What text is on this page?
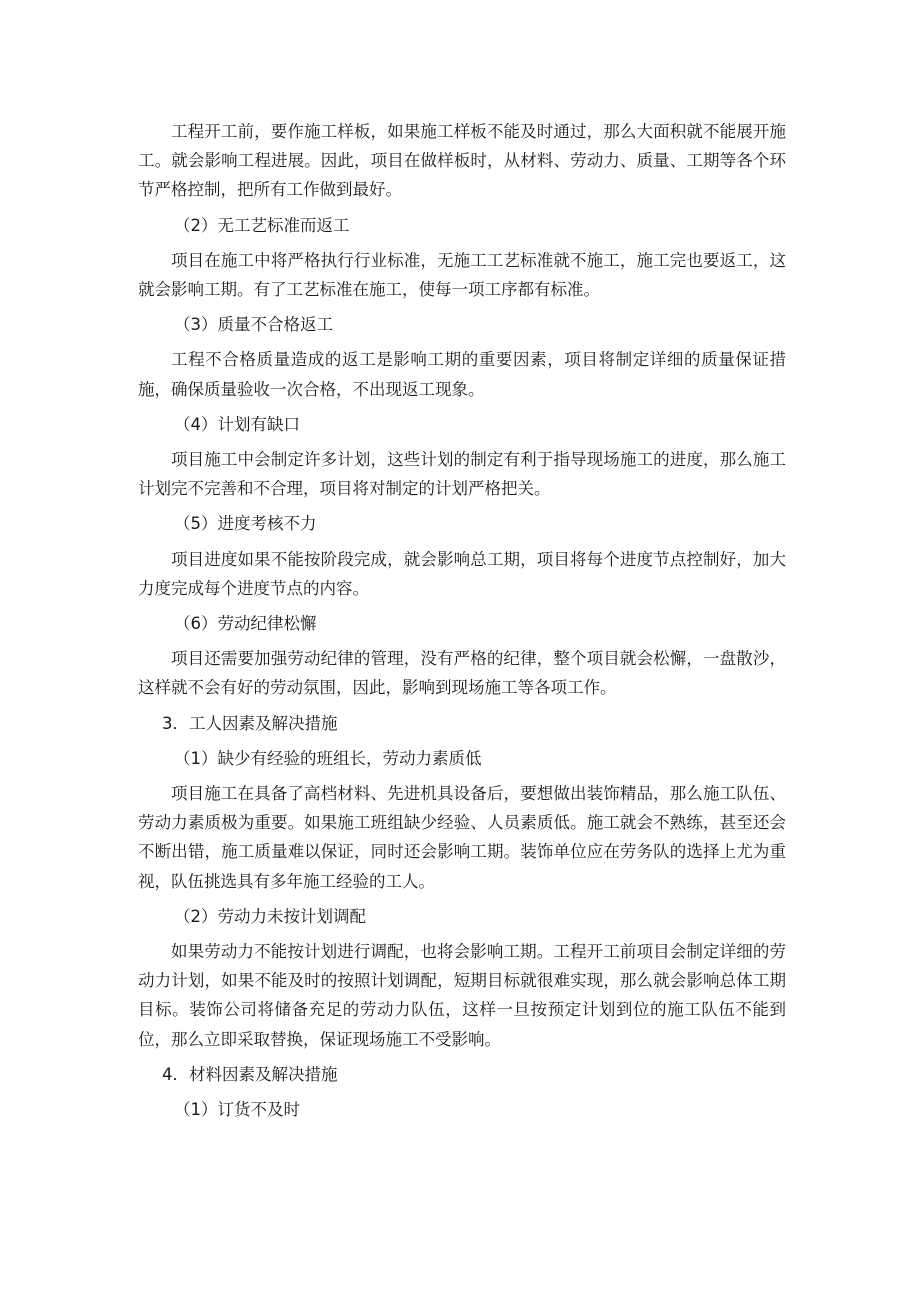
工程开工前，要作施工样板，如果施工样板不能及时通过，那么大面积就不能展开施工。就会影响工程进展。因此，项目在做样板时，从材料、劳动力、质量、工期等各个环节严格控制，把所有工作做到最好。

（2）无工艺标准而返工

项目在施工中将严格执行行业标准，无施工工艺标准就不施工，施工完也要返工，这就会影响工期。有了工艺标准在施工，使每一项工序都有标准。

（3）质量不合格返工

工程不合格质量造成的返工是影响工期的重要因素，项目将制定详细的质量保证措施，确保质量验收一次合格，不出现返工现象。

（4）计划有缺口

项目施工中会制定许多计划，这些计划的制定有利于指导现场施工的进度，那么施工计划完不完善和不合理，项目将对制定的计划严格把关。

（5）进度考核不力

项目进度如果不能按阶段完成，就会影响总工期，项目将每个进度节点控制好，加大力度完成每个进度节点的内容。

（6）劳动纪律松懈

项目还需要加强劳动纪律的管理，没有严格的纪律，整个项目就会松懈，一盘散沙，这样就不会有好的劳动氛围，因此，影响到现场施工等各项工作。

3．工人因素及解决措施

（1）缺少有经验的班组长，劳动力素质低

项目施工在具备了高档材料、先进机具设备后，要想做出装饰精品，那么施工队伍、劳动力素质极为重要。如果施工班组缺少经验、人员素质低。施工就会不熟练，甚至还会不断出错，施工质量难以保证，同时还会影响工期。装饰单位应在劳务队的选择上尤为重视，队伍挑选具有多年施工经验的工人。

（2）劳动力未按计划调配

如果劳动力不能按计划进行调配，也将会影响工期。工程开工前项目会制定详细的劳动力计划，如果不能及时的按照计划调配，短期目标就很难实现，那么就会影响总体工期目标。装饰公司将储备充足的劳动力队伍，这样一旦按预定计划到位的施工队伍不能到位，那么立即采取替换，保证现场施工不受影响。

4．材料因素及解决措施

（1）订货不及时
